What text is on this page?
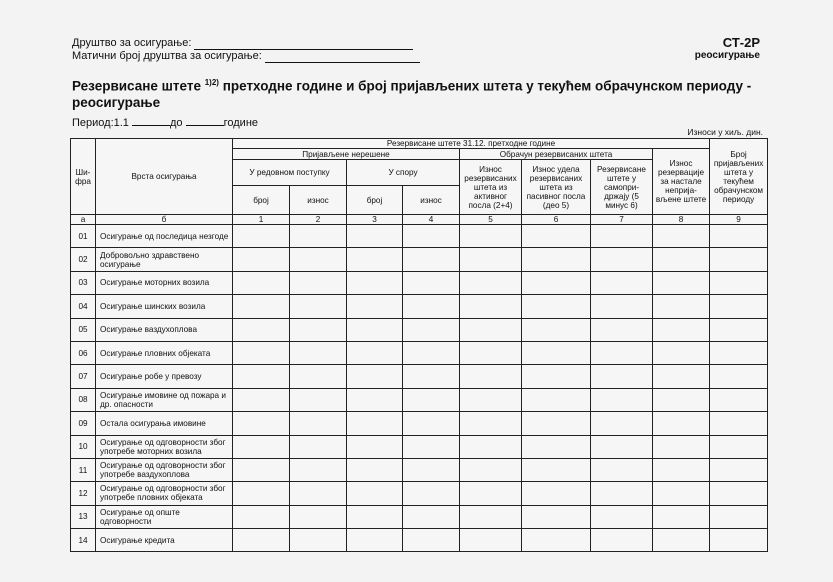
Друштво за осигурање:
Матични број друштва за осигурање:
СТ-2Р
реосигурање
Резервисане штете $^{1)2)}$ претходне године и број пријављених штета у текућем обрачунском периоду - реосигурање
Период:1.1	до	године
Износи у хиљ. дин.
Ши-
фра	Врста осигурања	Резервисане штете 31.12. претходне године								Број пријављених штета у текућем обрачунском периоду
		Пријављене нерешене				Обрачун резервисаних штета			Износ резервације за настале неприја-вљене штете	
		У редовном поступку		У спору		Износ резервисаних штета из активног посла (2+4)	Износ удела резервисаних штета из пасивног посла (део 5)	Резервисане штете у самопри-држају (5 минус 6)		
		број	износ	број	износ					
а	б	1	2	3	4	5	6	7	8	9
01	Осигурање од последица незгоде									
02	Добровољно здравствено осигурање									
03	Осигурање моторних возила									
04	Осигурање шинских возила									
05	Осигурање ваздухоплова									
06	Осигурање пловних објеката									
07	Осигурање робе у превозу									
08	Осигурање имовине од пожара и др. опасности									
09	Остала осигурања имовине									
10	Осигурање од одговорности због употребе моторних возила									
11	Осигурање од одговорности због употребе ваздухоплова									
12	Осигурање од одговорности због употребе пловних објеката									
13	Осигурање од опште одговорности									
14	Осигурање кредита									
